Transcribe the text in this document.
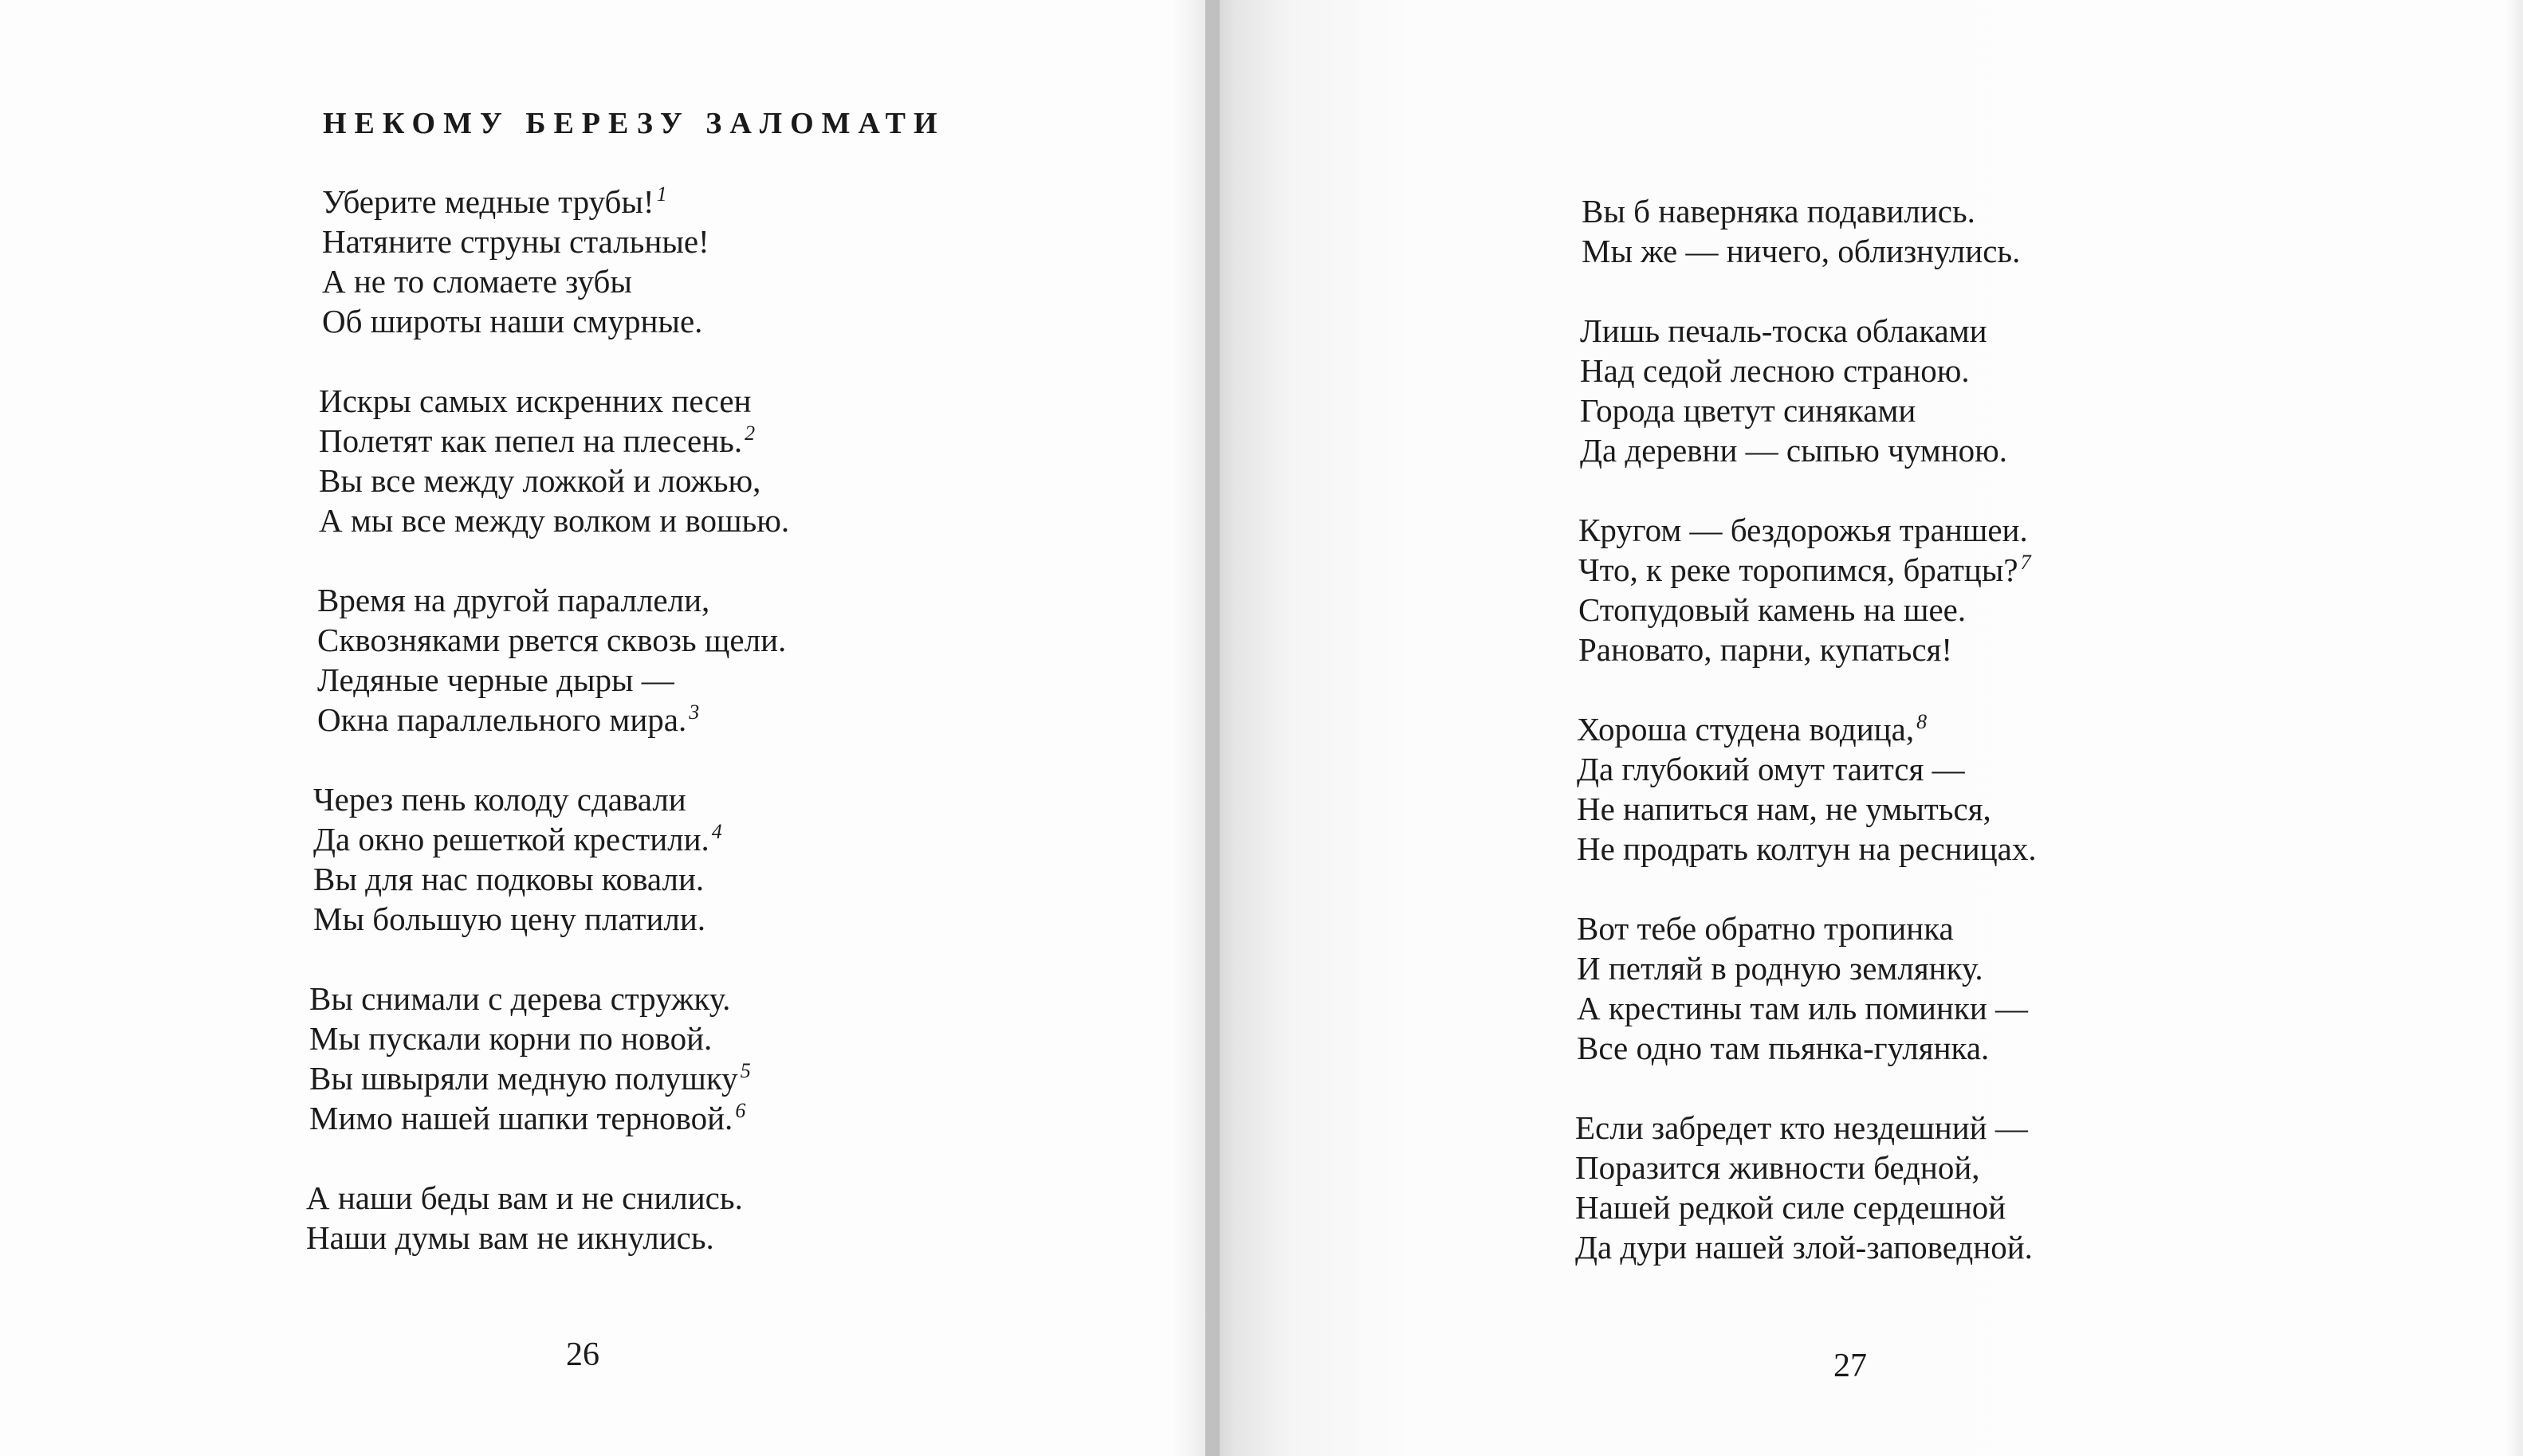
НЕКОМУ БЕРЕЗУ ЗАЛОМАТИ
Уберите медные трубы! $^1$
Натяните струны стальные!
А не то сломаете зубы
Об широты наши смурные.
Искры самых искренних песен
Полетят как пепел на плесень. $^2$
Вы все между ложкой и ложью,
А мы все между волком и вошью.
Время на другой параллели,
Сквозняками рвется сквозь щели.
Ледяные черные дыры —
Окна параллельного мира. $^3$
Через пень колоду сдавали
Да окно решеткой крестили. $^4$
Вы для нас подковы ковали.
Мы большую цену платили.
Вы снимали с дерева стружку.
Мы пускали корни по новой.
Вы швыряли медную полушку $^5$
Мимо нашей шапки терновой. $^6$
А наши беды вам и не снились.
Наши думы вам не икнулись.
26
Вы б наверняка подавились.
Мы же — ничего, облизнулись.
Лишь печаль-тоска облаками
Над седой лесною страною.
Города цветут синяками
Да деревни — сыпью чумною.
Кругом — бездорожья траншеи.
Что, к реке торопимся, братцы? $^7$
Стопудовый камень на шее.
Рановато, парни, купаться!
Хороша студена водица, $^8$
Да глубокий омут таится —
Не напиться нам, не умыться,
Не продрать колтун на ресницах.
Вот тебе обратно тропинка
И петляй в родную землянку.
А крестины там иль поминки —
Все одно там пьянка-гулянка.
Если забредет кто нездешний —
Поразится живности бедной,
Нашей редкой силе сердешной
Да дури нашей злой-заповедной.
27
